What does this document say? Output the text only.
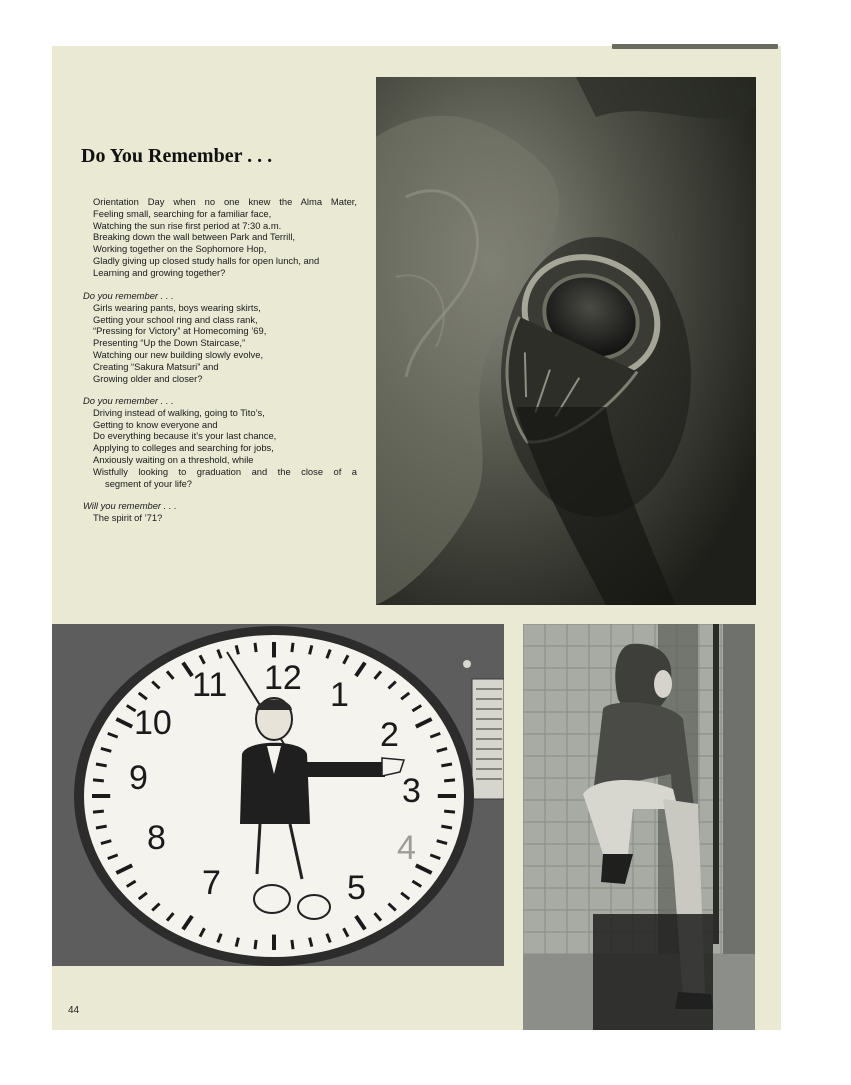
Do You Remember . . .
Orientation Day when no one knew the Alma Mater,
Feeling small, searching for a familiar face,
Watching the sun rise first period at 7:30 a.m.
Breaking down the wall between Park and Terrill,
Working together on the Sophomore Hop,
Gladly giving up closed study halls for open lunch, and
Learning and growing together?
Do you remember . . .
Girls wearing pants, boys wearing skirts,
Getting your school ring and class rank,
“Pressing for Victory” at Homecoming ’69,
Presenting “Up the Down Staircase,”
Watching our new building slowly evolve,
Creating “Sakura Matsuri” and
Growing older and closer?
Do you remember . . .
Driving instead of walking, going to Tito’s,
Getting to know everyone and
Do everything because it’s your last chance,
Applying to colleges and searching for jobs,
Anxiously waiting on a threshold, while
Wistfully looking to graduation and the close of a
segment of your life?
Will you remember . . .
The spirit of ’71?
12 1
2
3
4
5
7
8
9
10
11
44
